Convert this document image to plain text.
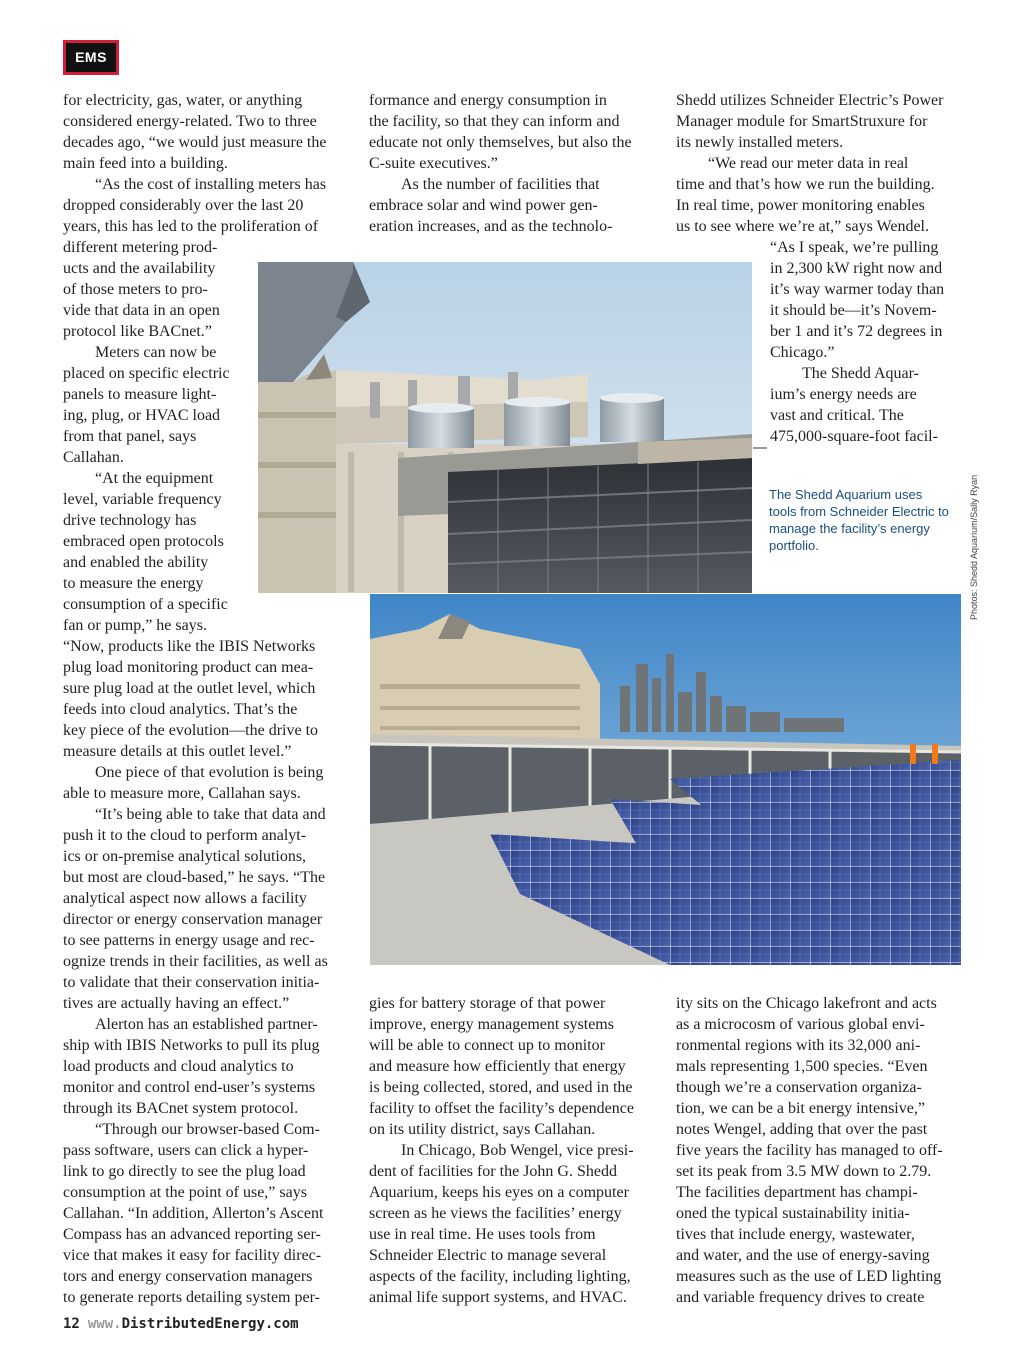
EMS
for electricity, gas, water, or anything
considered energy-related. Two to three
decades ago, “we would just measure the
main feed into a building.
“As the cost of installing meters has
dropped considerably over the last 20
years, this has led to the proliferation of
different metering prod-
ucts and the availability
of those meters to pro-
vide that data in an open
protocol like BACnet.”
Meters can now be
placed on specific electric
panels to measure light-
ing, plug, or HVAC load
from that panel, says
Callahan.
“At the equipment
level, variable frequency
drive technology has
embraced open protocols
and enabled the ability
to measure the energy
consumption of a specific
fan or pump,” he says.
“Now, products like the IBIS Networks
plug load monitoring product can mea-
sure plug load at the outlet level, which
feeds into cloud analytics. That’s the
key piece of the evolution—the drive to
measure details at this outlet level.”
One piece of that evolution is being
able to measure more, Callahan says.
“It’s being able to take that data and
push it to the cloud to perform analyt-
ics or on-premise analytical solutions,
but most are cloud-based,” he says. “The
analytical aspect now allows a facility
director or energy conservation manager
to see patterns in energy usage and rec-
ognize trends in their facilities, as well as
to validate that their conservation initia-
tives are actually having an effect.”
Alerton has an established partner-
ship with IBIS Networks to pull its plug
load products and cloud analytics to
monitor and control end-user’s systems
through its BACnet system protocol.
“Through our browser-based Com-
pass software, users can click a hyper-
link to go directly to see the plug load
consumption at the point of use,” says
Callahan. “In addition, Allerton’s Ascent
Compass has an advanced reporting ser-
vice that makes it easy for facility direc-
tors and energy conservation managers
to generate reports detailing system per-
formance and energy consumption in
the facility, so that they can inform and
educate not only themselves, but also the
C-suite executives.”
As the number of facilities that
embrace solar and wind power gen-
eration increases, and as the technolo-
gies for battery storage of that power
improve, energy management systems
will be able to connect up to monitor
and measure how efficiently that energy
is being collected, stored, and used in the
facility to offset the facility’s dependence
on its utility district, says Callahan.
In Chicago, Bob Wengel, vice presi-
dent of facilities for the John G. Shedd
Aquarium, keeps his eyes on a computer
screen as he views the facilities’ energy
use in real time. He uses tools from
Schneider Electric to manage several
aspects of the facility, including lighting,
animal life support systems, and HVAC.
Shedd utilizes Schneider Electric’s Power
Manager module for SmartStruxure for
its newly installed meters.
“We read our meter data in real
time and that’s how we run the building.
In real time, power monitoring enables
us to see where we’re at,” says Wendel.
“As I speak, we’re pulling
in 2,300 kW right now and
it’s way warmer today than
it should be—it’s Novem-
ber 1 and it’s 72 degrees in
Chicago.”
The Shedd Aquar-
ium’s energy needs are
vast and critical. The
475,000-square-foot facil-
ity sits on the Chicago lakefront and acts
as a microcosm of various global envi-
ronmental regions with its 32,000 ani-
mals representing 1,500 species. “Even
though we’re a conservation organiza-
tion, we can be a bit energy intensive,”
notes Wengel, adding that over the past
five years the facility has managed to off-
set its peak from 3.5 MW down to 2.79.
The facilities department has champi-
oned the typical sustainability initia-
tives that include energy, wastewater,
and water, and the use of energy-saving
measures such as the use of LED lighting
and variable frequency drives to create
The Shedd Aquarium uses tools from Schneider Electric to manage the facility’s energy portfolio.	Photos: Shedd Aquarium/Sally Ryan
12 www.DistributedEnergy.com
